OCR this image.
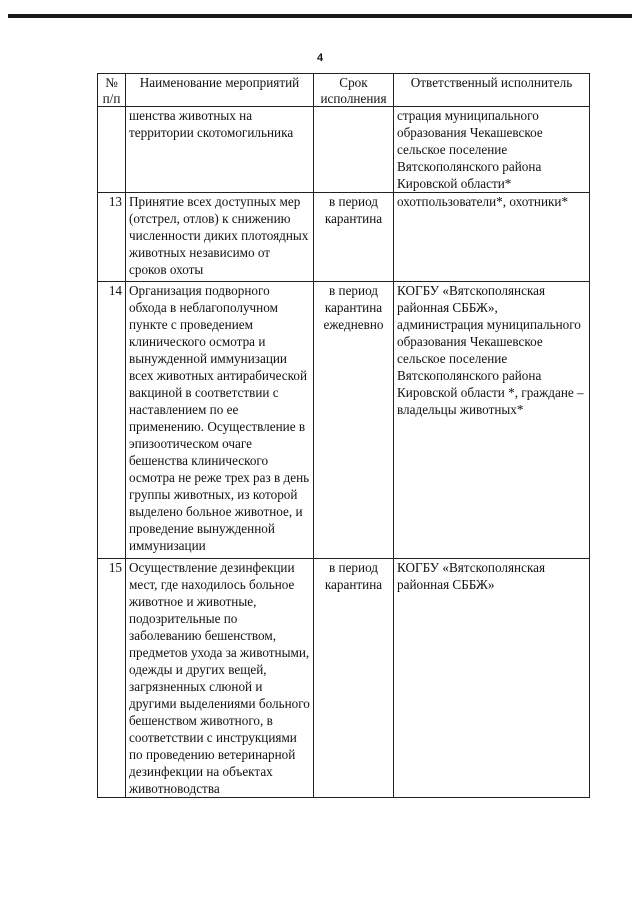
4
№ п/п	Наименование мероприятий	Срок исполнения	Ответственный исполнитель
	шенства животных на территории скотомогильника		страция муниципального образования Чекашевское сельское поселение Вятскополянского района Кировской области*
13	Принятие всех доступных мер (отстрел, отлов) к снижению численности диких плотоядных животных независимо от сроков охоты	в период карантина	охотпользователи*, охотники*
14	Организация подворного обхода в неблагополучном пункте с проведением клинического осмотра и вынужденной иммунизации всех животных антирабической вакциной в соответствии с наставлением по ее применению. Осуществление в эпизоотическом очаге бешенства клинического осмотра не реже трех раз в день группы животных, из которой выделено больное животное, и проведение вынужденной иммунизации	в период карантина ежедневно	КОГБУ «Вятскополянская районная СББЖ», администрация муниципального образования Чекашевское сельское поселение Вятскополянского района Кировской области *, граждане – владельцы животных*
15	Осуществление дезинфекции мест, где находилось больное животное и животные, подозрительные по заболеванию бешенством, предметов ухода за животными, одежды и других вещей, загрязненных слюной и другими выделениями больного бешенством животного, в соответствии с инструкциями по проведению ветеринарной дезинфекции на объектах животноводства	в период карантина	КОГБУ «Вятскополянская районная СББЖ»
